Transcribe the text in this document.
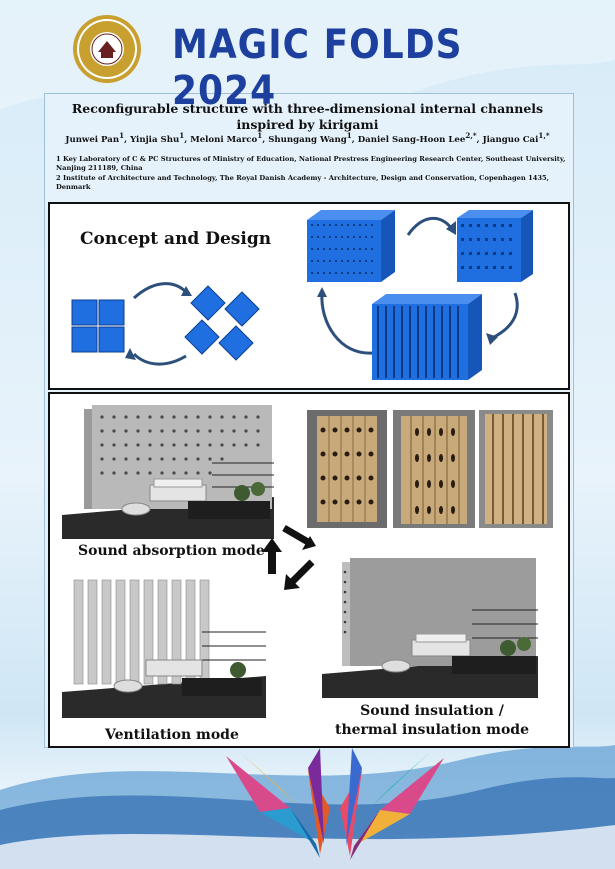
MAGIC FOLDS 2024
Reconfigurable structure with three-dimensional internal channels
inspired by kirigami
Junwei Pan$^1$, Yinjia Shu$^1$, Meloni Marco$^1$, Shungang Wang$^1$, Daniel Sang-Hoon Lee$^{2,*}$, Jianguo Cai$^{1,*}$
1 Key Laboratory of C & PC Structures of Ministry of Education, National Prestress Engineering Research Center, Southeast University,
Nanjing 211189, China
2 Institute of Architecture and Technology, The Royal Danish Academy - Architecture, Design and Conservation, Copenhagen 1435, Denmark
Concept and Design
Sound absorption mode
Ventilation mode
Sound insulation /
thermal insulation mode
